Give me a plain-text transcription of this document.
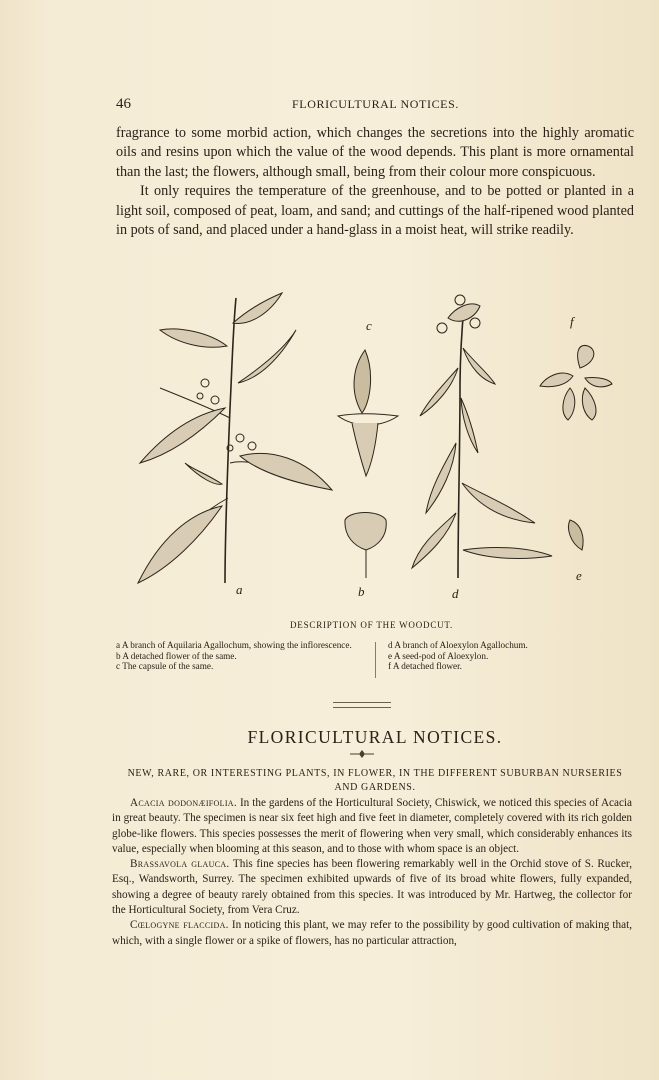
46	FLORICULTURAL NOTICES.

fragrance to some morbid action, which changes the secretions into the highly aromatic oils and resins upon which the value of the wood depends. This plant is more ornamental than the last; the flowers, although small, being from their colour more conspicuous.

It only requires the temperature of the greenhouse, and to be potted or planted in a light soil, composed of peat, loam, and sand; and cuttings of the half-ripened wood planted in pots of sand, and placed under a hand-glass in a moist heat, will strike readily.

a	b
c
d
e
f
DESCRIPTION OF THE WOODCUT.
a A branch of Aquilaria Agallochum, showing the inflorescence.
b A detached flower of the same.
c The capsule of the same.
d A branch of Aloexylon Agallochum.
e A seed-pod of Aloexylon.
f A detached flower.
FLORICULTURAL NOTICES.
NEW, RARE, OR INTERESTING PLANTS, IN FLOWER, IN THE DIFFERENT SUBURBAN NURSERIES AND GARDENS.

Acacia dodonæifolia. In the gardens of the Horticultural Society, Chiswick, we noticed this species of Acacia in great beauty. The specimen is near six feet high and five feet in diameter, completely covered with its rich golden globe-like flowers. This species possesses the merit of flowering when very small, which considerably enhances its value, especially when blooming at this season, and to those with whom space is an object.

Brassavola glauca. This fine species has been flowering remarkably well in the Orchid stove of S. Rucker, Esq., Wandsworth, Surrey. The specimen exhibited upwards of five of its broad white flowers, fully expanded, showing a degree of beauty rarely obtained from this species. It was introduced by Mr. Hartweg, the collector for the Horticultural Society, from Vera Cruz.

Cœlogyne flaccida. In noticing this plant, we may refer to the possibility by good cultivation of making that, which, with a single flower or a spike of flowers, has no particular attraction,
